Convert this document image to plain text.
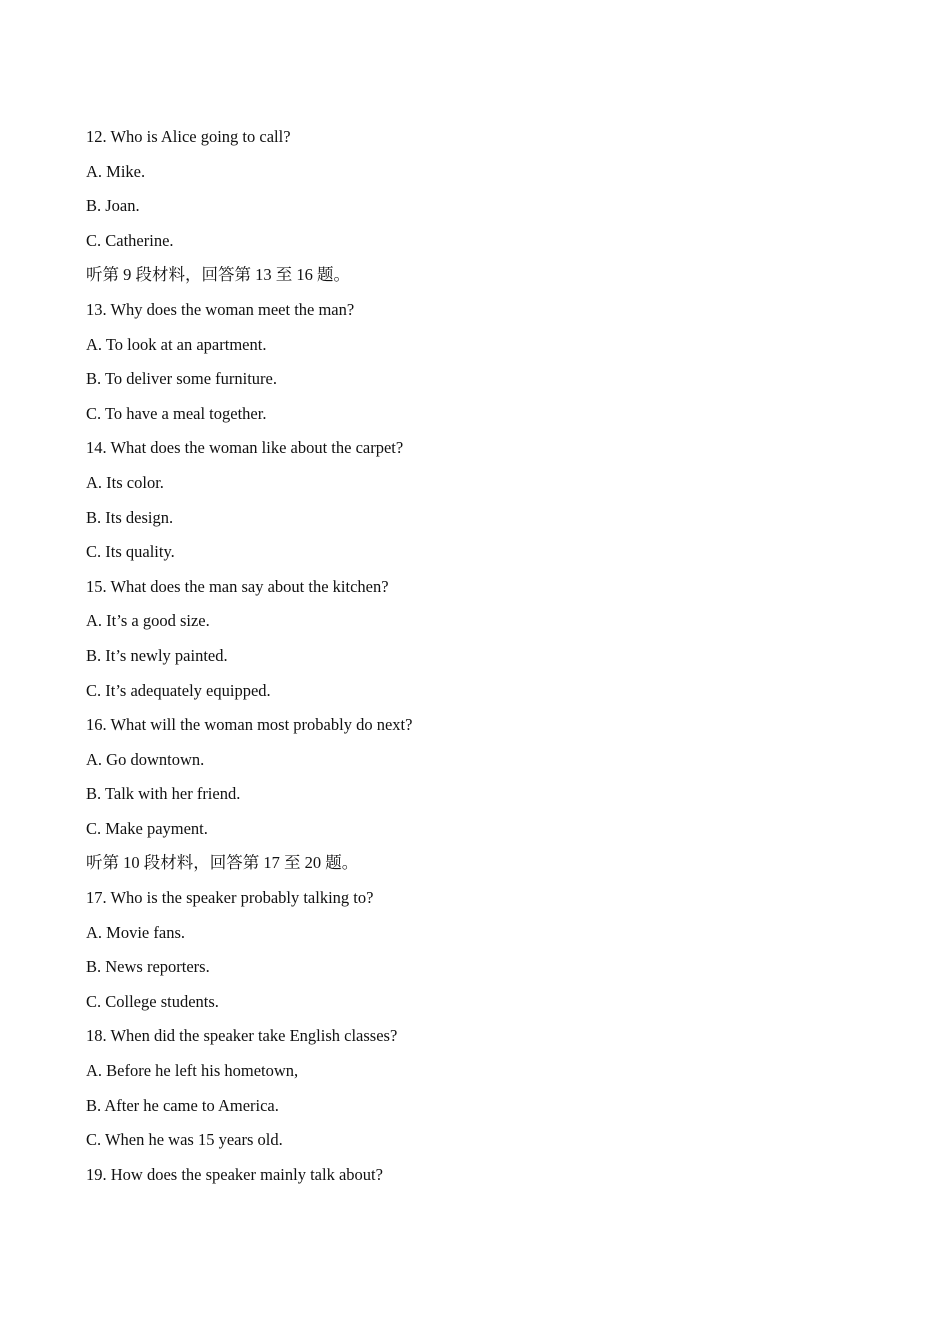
12. Who is Alice going to call?
A. Mike.
B. Joan.
C. Catherine.
听第 9 段材料，回答第 13 至 16 题。
13. Why does the woman meet the man?
A. To look at an apartment.
B. To deliver some furniture.
C. To have a meal together.
14. What does the woman like about the carpet?
A. Its color.
B. Its design.
C. Its quality.
15. What does the man say about the kitchen?
A. It’s a good size.
B. It’s newly painted.
C. It’s adequately equipped.
16. What will the woman most probably do next?
A. Go downtown.
B. Talk with her friend.
C. Make payment.
听第 10 段材料，回答第 17 至 20 题。
17. Who is the speaker probably talking to?
A. Movie fans.
B. News reporters.
C. College students.
18. When did the speaker take English classes?
A. Before he left his hometown,
B. After he came to America.
C. When he was 15 years old.
19. How does the speaker mainly talk about?
